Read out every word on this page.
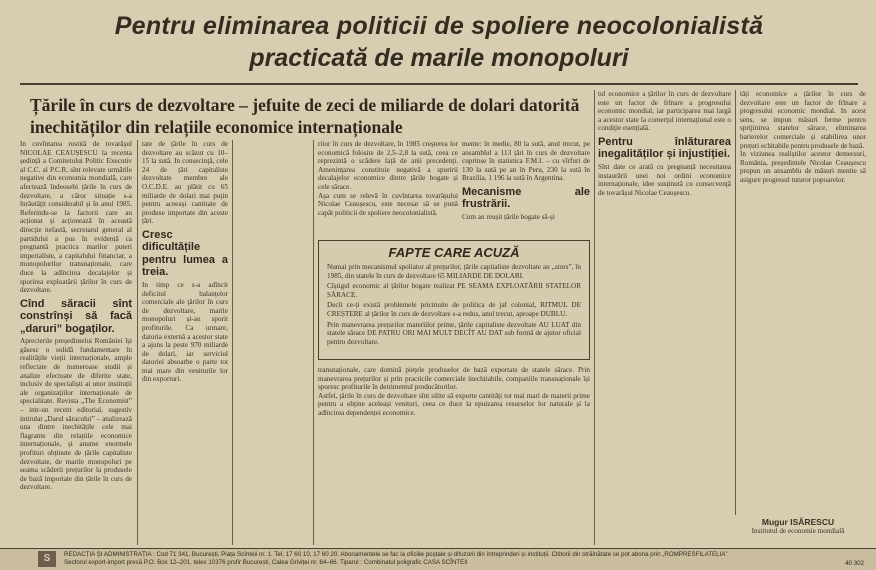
Pentru eliminarea politicii de spoliere neocolonialistă
practicată de marile monopoluri
Țările în curs de dezvoltare – jefuite de zeci de miliarde de dolari datorită inechităților din relațiile economice internaționale

In cuvîntarea rostită de tovarășul NICOLAE CEAUȘESCU la recenta ședință a Comitetului Politic Executiv al C.C. al P.C.R. sînt relevate urmările negative din economia mondială, care afectează îndeosebi țările în curs de dezvoltare, a căror situație s-a înrăutățit considerabil și în anul 1985. Referindu-se la factorii care au acționat și acționează în această direcție nefastă, secretarul general al partidului a pus în evidență ca pregnantă practica marilor puteri imperialiste, a capitalului financiar, a monopolurilor transnaționale, care duce la adîncirea decalajelor și sporirea exploatării țărilor în curs de dezvoltare.

Cînd săracii sînt constrînși să facă „daruri” bogaților.

Aprecierile președintelui României își găsesc o solidă fundamentare în realitățile vieții internaționale, ample reflectate de numeroase studii și analize efectuate de diferite state, inclusiv de specialiști ai unor instituții ale organizațiilor internaționale de specialitate. Revista „The Economist” – intr-un recent editorial, sugestiv intitulat „Darul săracului” – analizează una dintre inechitățile cele mai flagrante din relațiile economice internaționale, și anume enormele profituri obținute de țările capitaliste dezvoltate, de marile monopoluri pe seama scăderii prețurilor la produsele de bază importate din țările în curs de dezvoltare.

tate de țările în curs de dezvoltare au scăzut cu 10–15 la sută. In consecință, cele 24 de țări capitaliste dezvoltate membre ale O.C.D.E. au plătit cu 65 miliarde de dolari mai puțin pentru aceeași cantitate de produse importate din aceste țări.

Cresc dificultățile pentru lumea a treia.

In timp ce s-a adîncit deficitul balanțelor comerciale ale țărilor în curs de dezvoltare, marile monopoluri și-au sporit profiturile. Ca urmare, datoria externă a acestor state a ajuns la peste 970 miliarde de dolari, iar serviciul datoriei absoarbe o parte tot mai mare din veniturile lor din exporturi.

riior în curs de dezvoltare, în 1985 creșterea lor economică folosite de 2,5–2,8 la sută, ceea ce reprezintă o scădere față de anii precedenți. Amenințarea constituie negativă a sporirii decalajelor economice dintre țările bogate și cele sărace.

Așa cum se relevă în cuvîntarea tovarășului Nicolae Ceaușescu, este necesar să se pună capăt politicii de spoliere neocolonialistă.

mente: în medie, 80 la sută, anul trecut, pe ansamblul a 113 țări în curs de dezvoltare cuprinse în statistica F.M.I. – cu vîrfuri de 130 la sută pe an în Peru, 230 la sută în Brazilia, 1 196 la sută în Argentina.

Mecanisme ale frustrării.

Cum au reușit țările bogate să-și

FAPTE CARE ACUZĂ

Numai prin mecanismul spoliator al prețurilor, țările capitaliste dezvoltate au „stors”, în 1985, din statele în curs de dezvoltare 65 MILIARDE DE DOLARI.

Cîștigul economic al țărilor bogate realizat PE SEAMA EXPLOATĂRII STATELOR SĂRACE.

Decît ce-ți există problemele pricinuite de politica de jaf colonial, RITMUL DE CREȘTERE al țărilor în curs de dezvoltare s-a redus, anul trecut, aproape DUBLU.

Prin manevrarea prețurilor materiilor prime, țările capitaliste dezvoltate AU LUAT din statele sărace DE PATRU ORI MAI MULT DECÎT AU DAT sub formă de ajutor oficial pentru dezvoltare.

transnaționale, care domină piețele produselor de bază exportate de statele sărace. Prin manevrarea prețurilor și prin practicile comerciale inechitabile, companiile transnaționale își sporesc profiturile în detrimentul producătorilor.

Astfel, țările în curs de dezvoltare sînt silite să exporte cantități tot mai mari de materii prime pentru a obține aceleași venituri, ceea ce duce la epuizarea resurselor lor naturale și la adîncirea dependenței economice.

tul economice a țărilor în curs de dezvoltare este un factor de frînare a progresului economic mondial, iar participarea mai largă a acestor state la comerțul internațional este o condiție esențială.

Pentru înlăturarea inegalităților și injustiției.

Sînt date ce arată cu pregnanță necesitatea instaurării unei noi ordini economice internaționale, idee susținută cu consecvență de tovarășul Nicolae Ceaușescu.

tăți economice a țărilor în curs de dezvoltare este un factor de frînare a progresului economic mondial. In acest sens, se impun măsuri ferme pentru sprijinirea statelor sărace, eliminarea barierelor comerciale și stabilirea unor prețuri echitabile pentru produsele de bază.

In viziunea realiștilor acestor demersuri, România, președintele Nicolae Ceaușescu propun un ansamblu de măsuri menite să asigure progresul tuturor popoarelor.

Mugur ISĂRESCU
Institutul de economie mondială
S	REDACȚIA ȘI ADMINISTRAȚIA : Cod 71 341, București, Piața Scînteii nr. 1. Tel. 17 60 10, 17 60 20. Abonamentele se fac la oficiile poștale și difuzorii din întreprinderi și instituții. Cititorii din străinătate se pot abona prin „ROMPRESFILATELIA”
Sectorul export-import presă P.O. Box 12–201, telex 10376 prsfir București, Calea Griviței nr. 64–66. Tiparul : Combinatul poligrafic CASA SCÎNTEII	40 302
